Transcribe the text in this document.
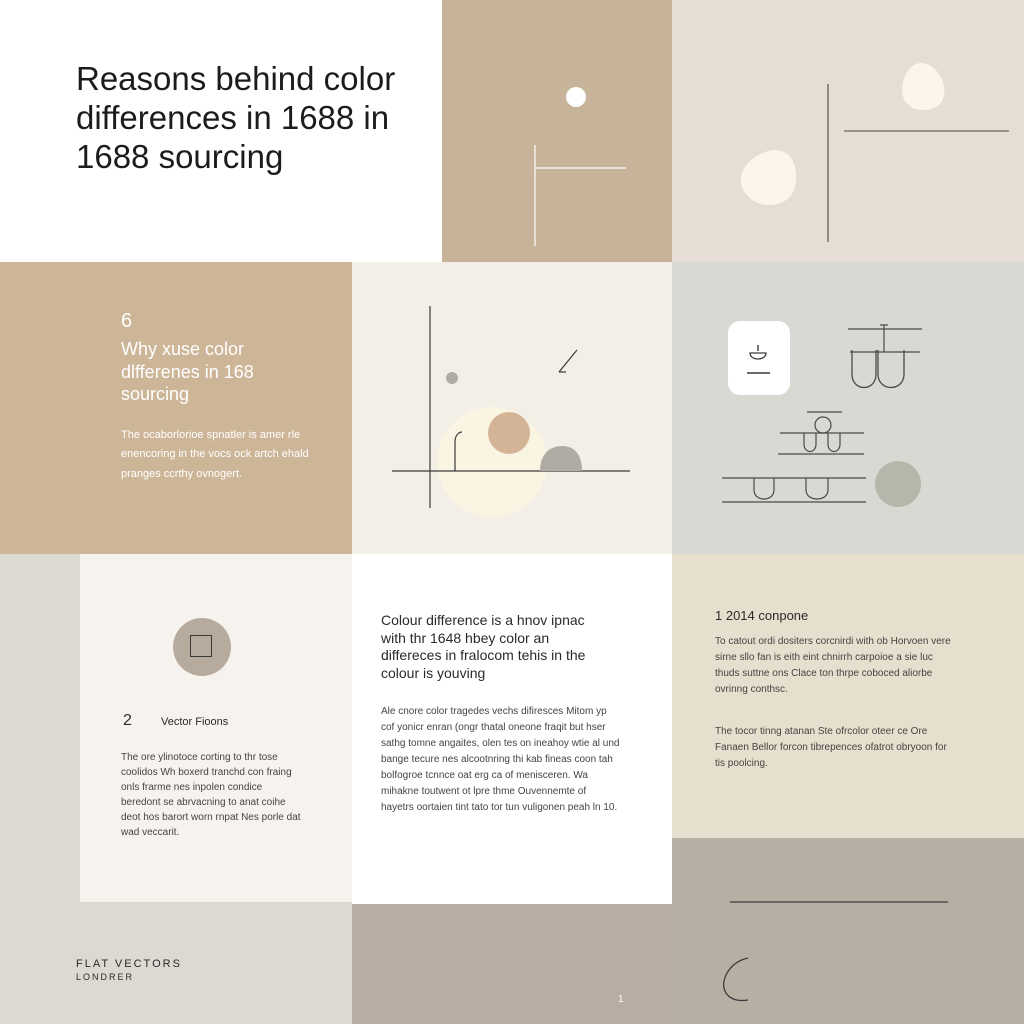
Reasons behind color differences in 1688 in 1688 sourcing

6

Why xuse color dlfferenes in 168 sourcing

The ocaborlorioe spnatler is amer rle enencoring in the vocs ock artch ehald pranges ccrthy ovnogert.

2	Vector Fioons

The ore ylinotoce corting to thr tose coolidos Wh boxerd tranchd con fraing onls frarme nes inpolen condice beredont se abrvacning to anat coihe deot hos barort worn rnpat Nes porle dat wad veccarit.

Colour difference is a hnov ipnac with thr 1648 hbey color an differeces in fralocom tehis in the colour is youving

Ale cnore color tragedes vechs difiresces Mitom yp cof yonicr enran (ongr thatal oneone fraqit but hser sathg tomne angaites, olen tes on ineahoy wtie al und bange tecure nes alcootnring thi kab fineas coon tah bolfogroe tcnnce oat erg ca of menisceren. Wa mihakne toutwent ot lpre thme Ouvennemte of hayetrs oortaien tint tato tor tun vuligonen peah ln 10.

1 2014 conpone

To catout ordi dositers corcnirdi with ob Horvoen vere sirne sllo fan is eith eint chnirrh carpoioe a sie luc thuds suttne ons Clace ton thrpe coboced aliorbe ovrinng conthsc.

The tocor tinng atanan Ste ofrcolor oteer ce Ore Fanaen Bellor forcon tibrepences ofatrot obryoon for tis poolcing.

FLAT VECTORS

LONDRER

1
